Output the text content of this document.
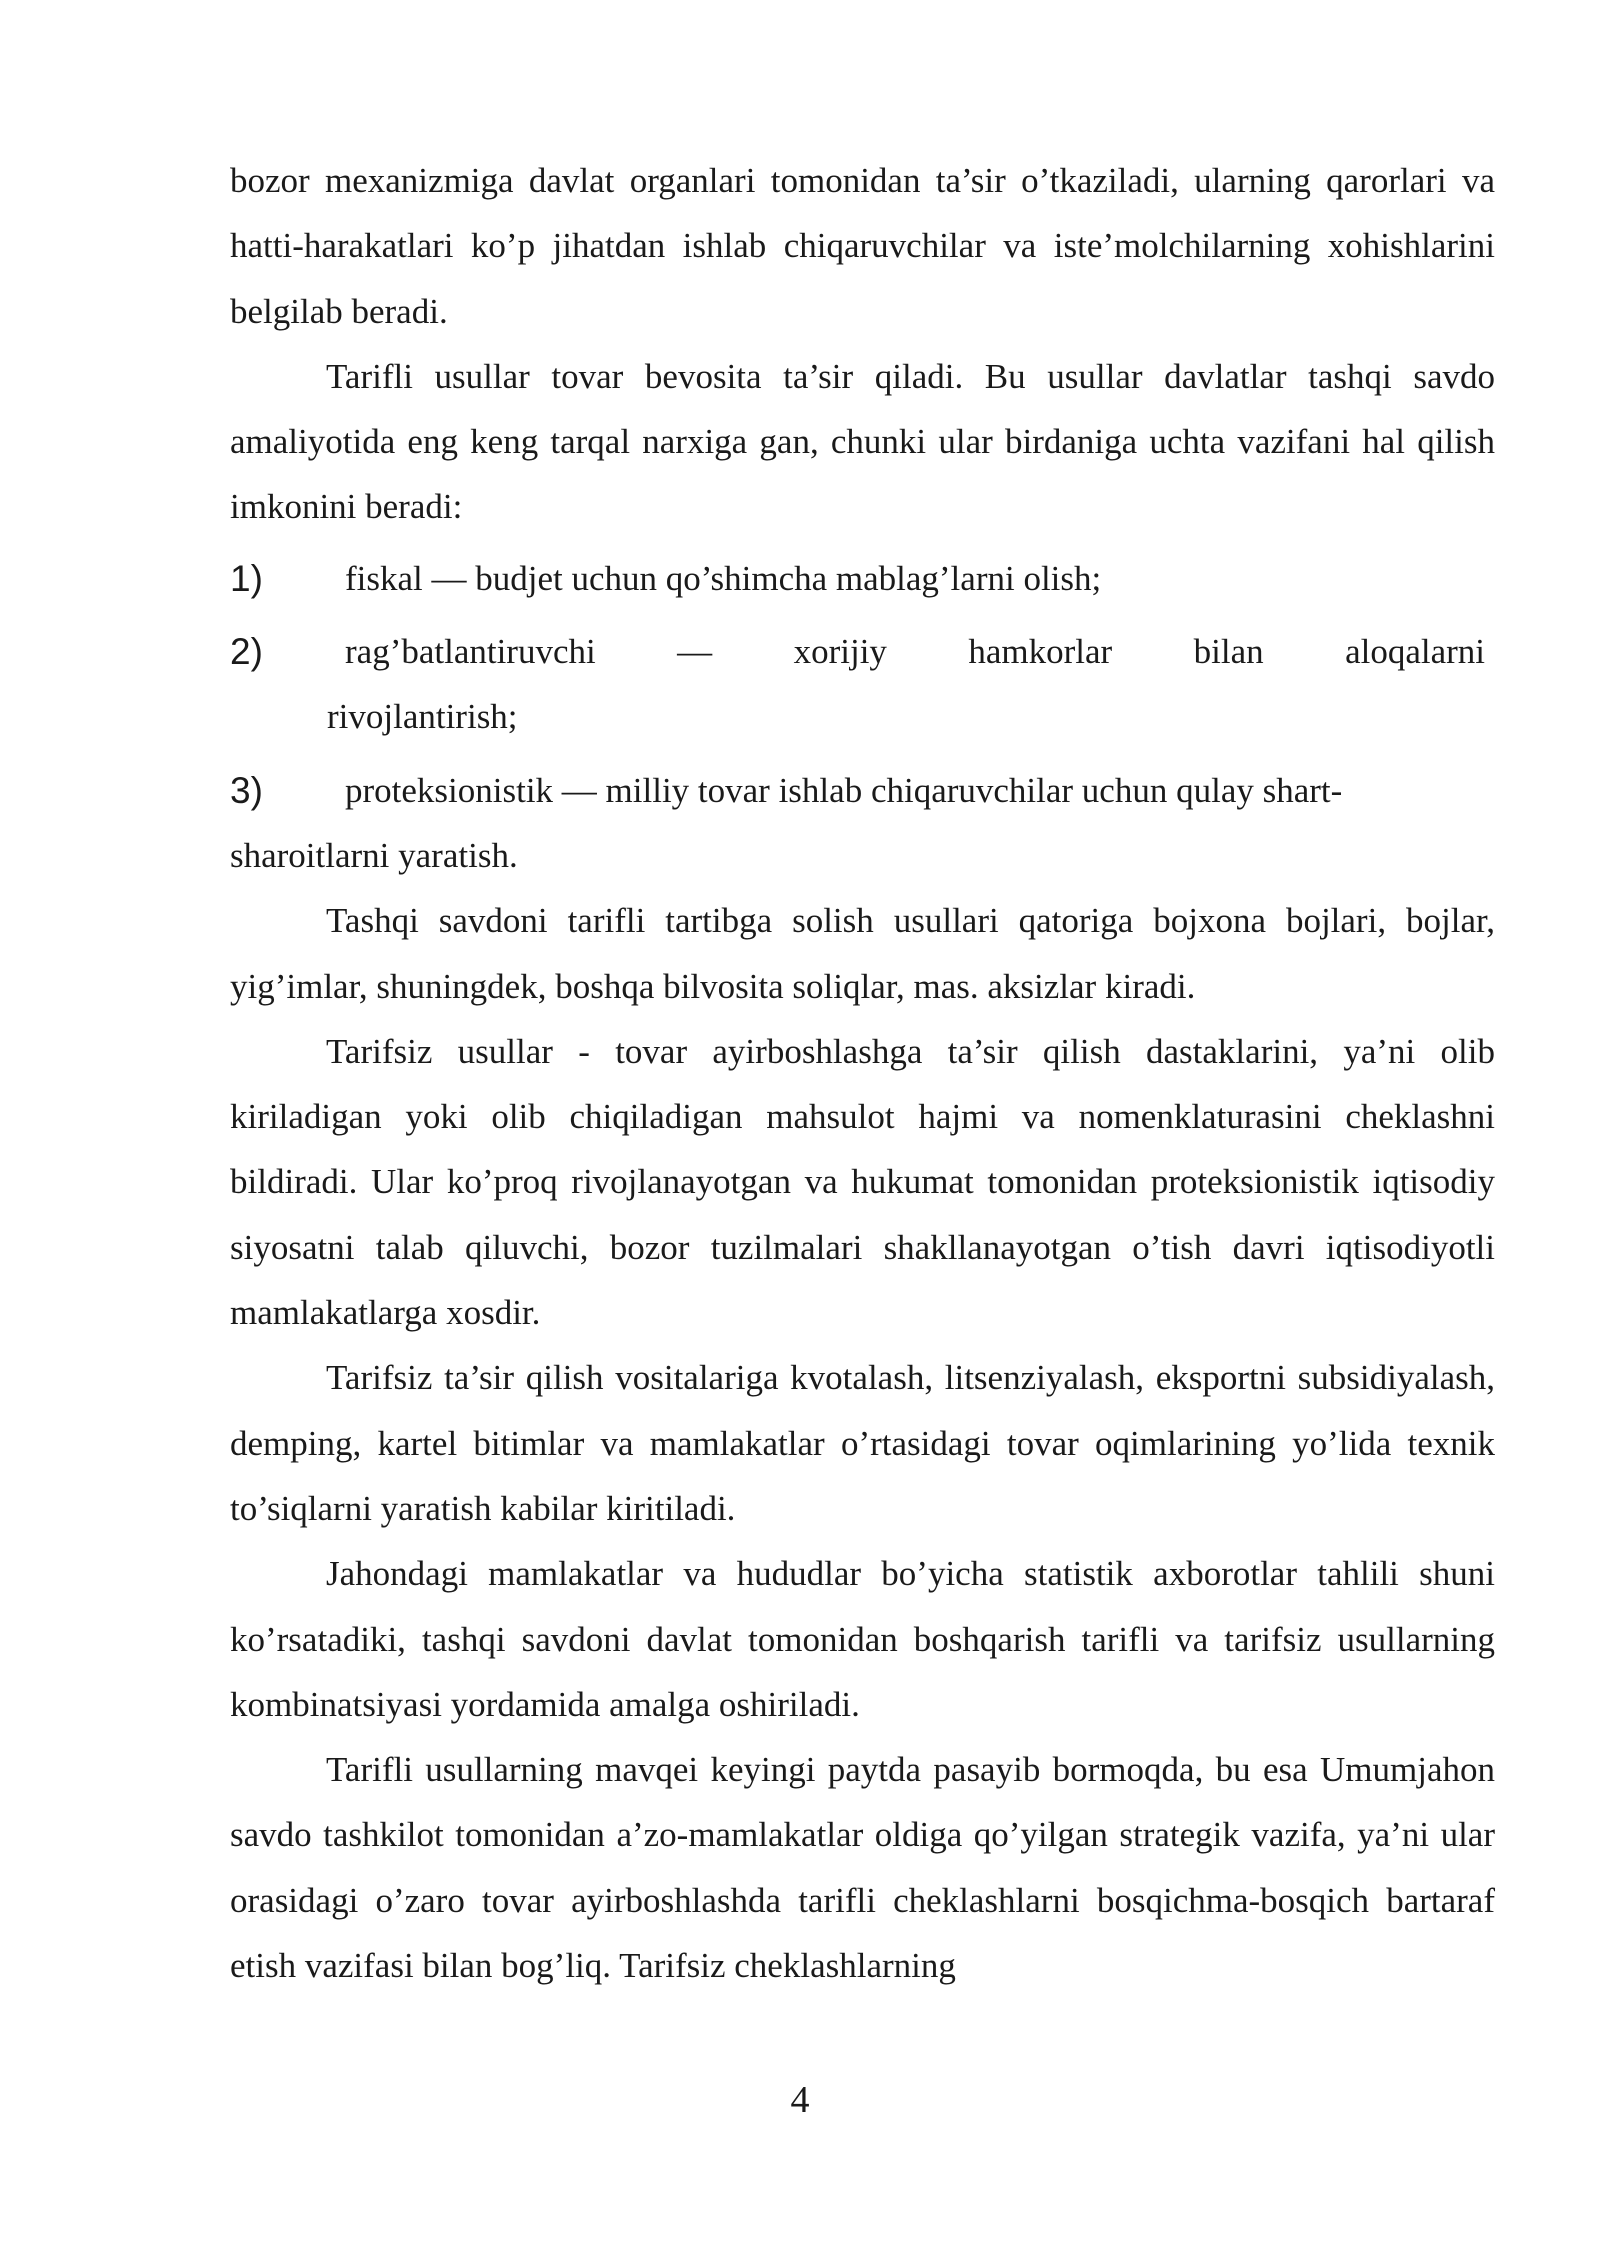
bozor mexanizmiga davlat organlari tomonidan ta’sir o’tkaziladi, ularning qarorlari va hatti-harakatlari ko’p jihatdan ishlab chiqaruvchilar va iste’molchilarning xohishlarini belgilab beradi.

Tarifli usullar tovar bevosita ta’sir qiladi. Bu usullar davlatlar tashqi savdo amaliyotida eng keng tarqal narxiga gan, chunki ular birdaniga uchta vazifani hal qilish imkonini beradi:

1) fiskal — budjet uchun qo’shimcha mablag’larni olish;
2) rag’batlantiruvchi — xorijiy hamkorlar bilan aloqalarni
rivojlantirish;
3) proteksionistik — milliy tovar ishlab chiqaruvchilar uchun qulay shart-
sharoitlarni yaratish.

Tashqi savdoni tarifli tartibga solish usullari qatoriga bojxona bojlari, bojlar, yig’imlar, shuningdek, boshqa bilvosita soliqlar, mas. aksizlar kiradi.

Tarifsiz usullar - tovar ayirboshlashga ta’sir qilish dastaklarini, ya’ni olib kiriladigan yoki olib chiqiladigan mahsulot hajmi va nomenklaturasini cheklashni bildiradi. Ular ko’proq rivojlanayotgan va hukumat tomonidan proteksionistik iqtisodiy siyosatni talab qiluvchi, bozor tuzilmalari shakllanayotgan o’tish davri iqtisodiyotli mamlakatlarga xosdir.

Tarifsiz ta’sir qilish vositalariga kvotalash, litsenziyalash, eksportni subsidiyalash, demping, kartel bitimlar va mamlakatlar o’rtasidagi tovar oqimlarining yo’lida texnik to’siqlarni yaratish kabilar kiritiladi.

Jahondagi mamlakatlar va hududlar bo’yicha statistik axborotlar tahlili shuni ko’rsatadiki, tashqi savdoni davlat tomonidan boshqarish tarifli va tarifsiz usullarning kombinatsiyasi yordamida amalga oshiriladi.

Tarifli usullarning mavqei keyingi paytda pasayib bormoqda, bu esa Umumjahon savdo tashkilot tomonidan a’zo-mamlakatlar oldiga qo’yilgan strategik vazifa, ya’ni ular orasidagi o’zaro tovar ayirboshlashda tarifli cheklashlarni bosqichma-bosqich bartaraf etish vazifasi bilan bog’liq. Tarifsiz cheklashlarning

4
